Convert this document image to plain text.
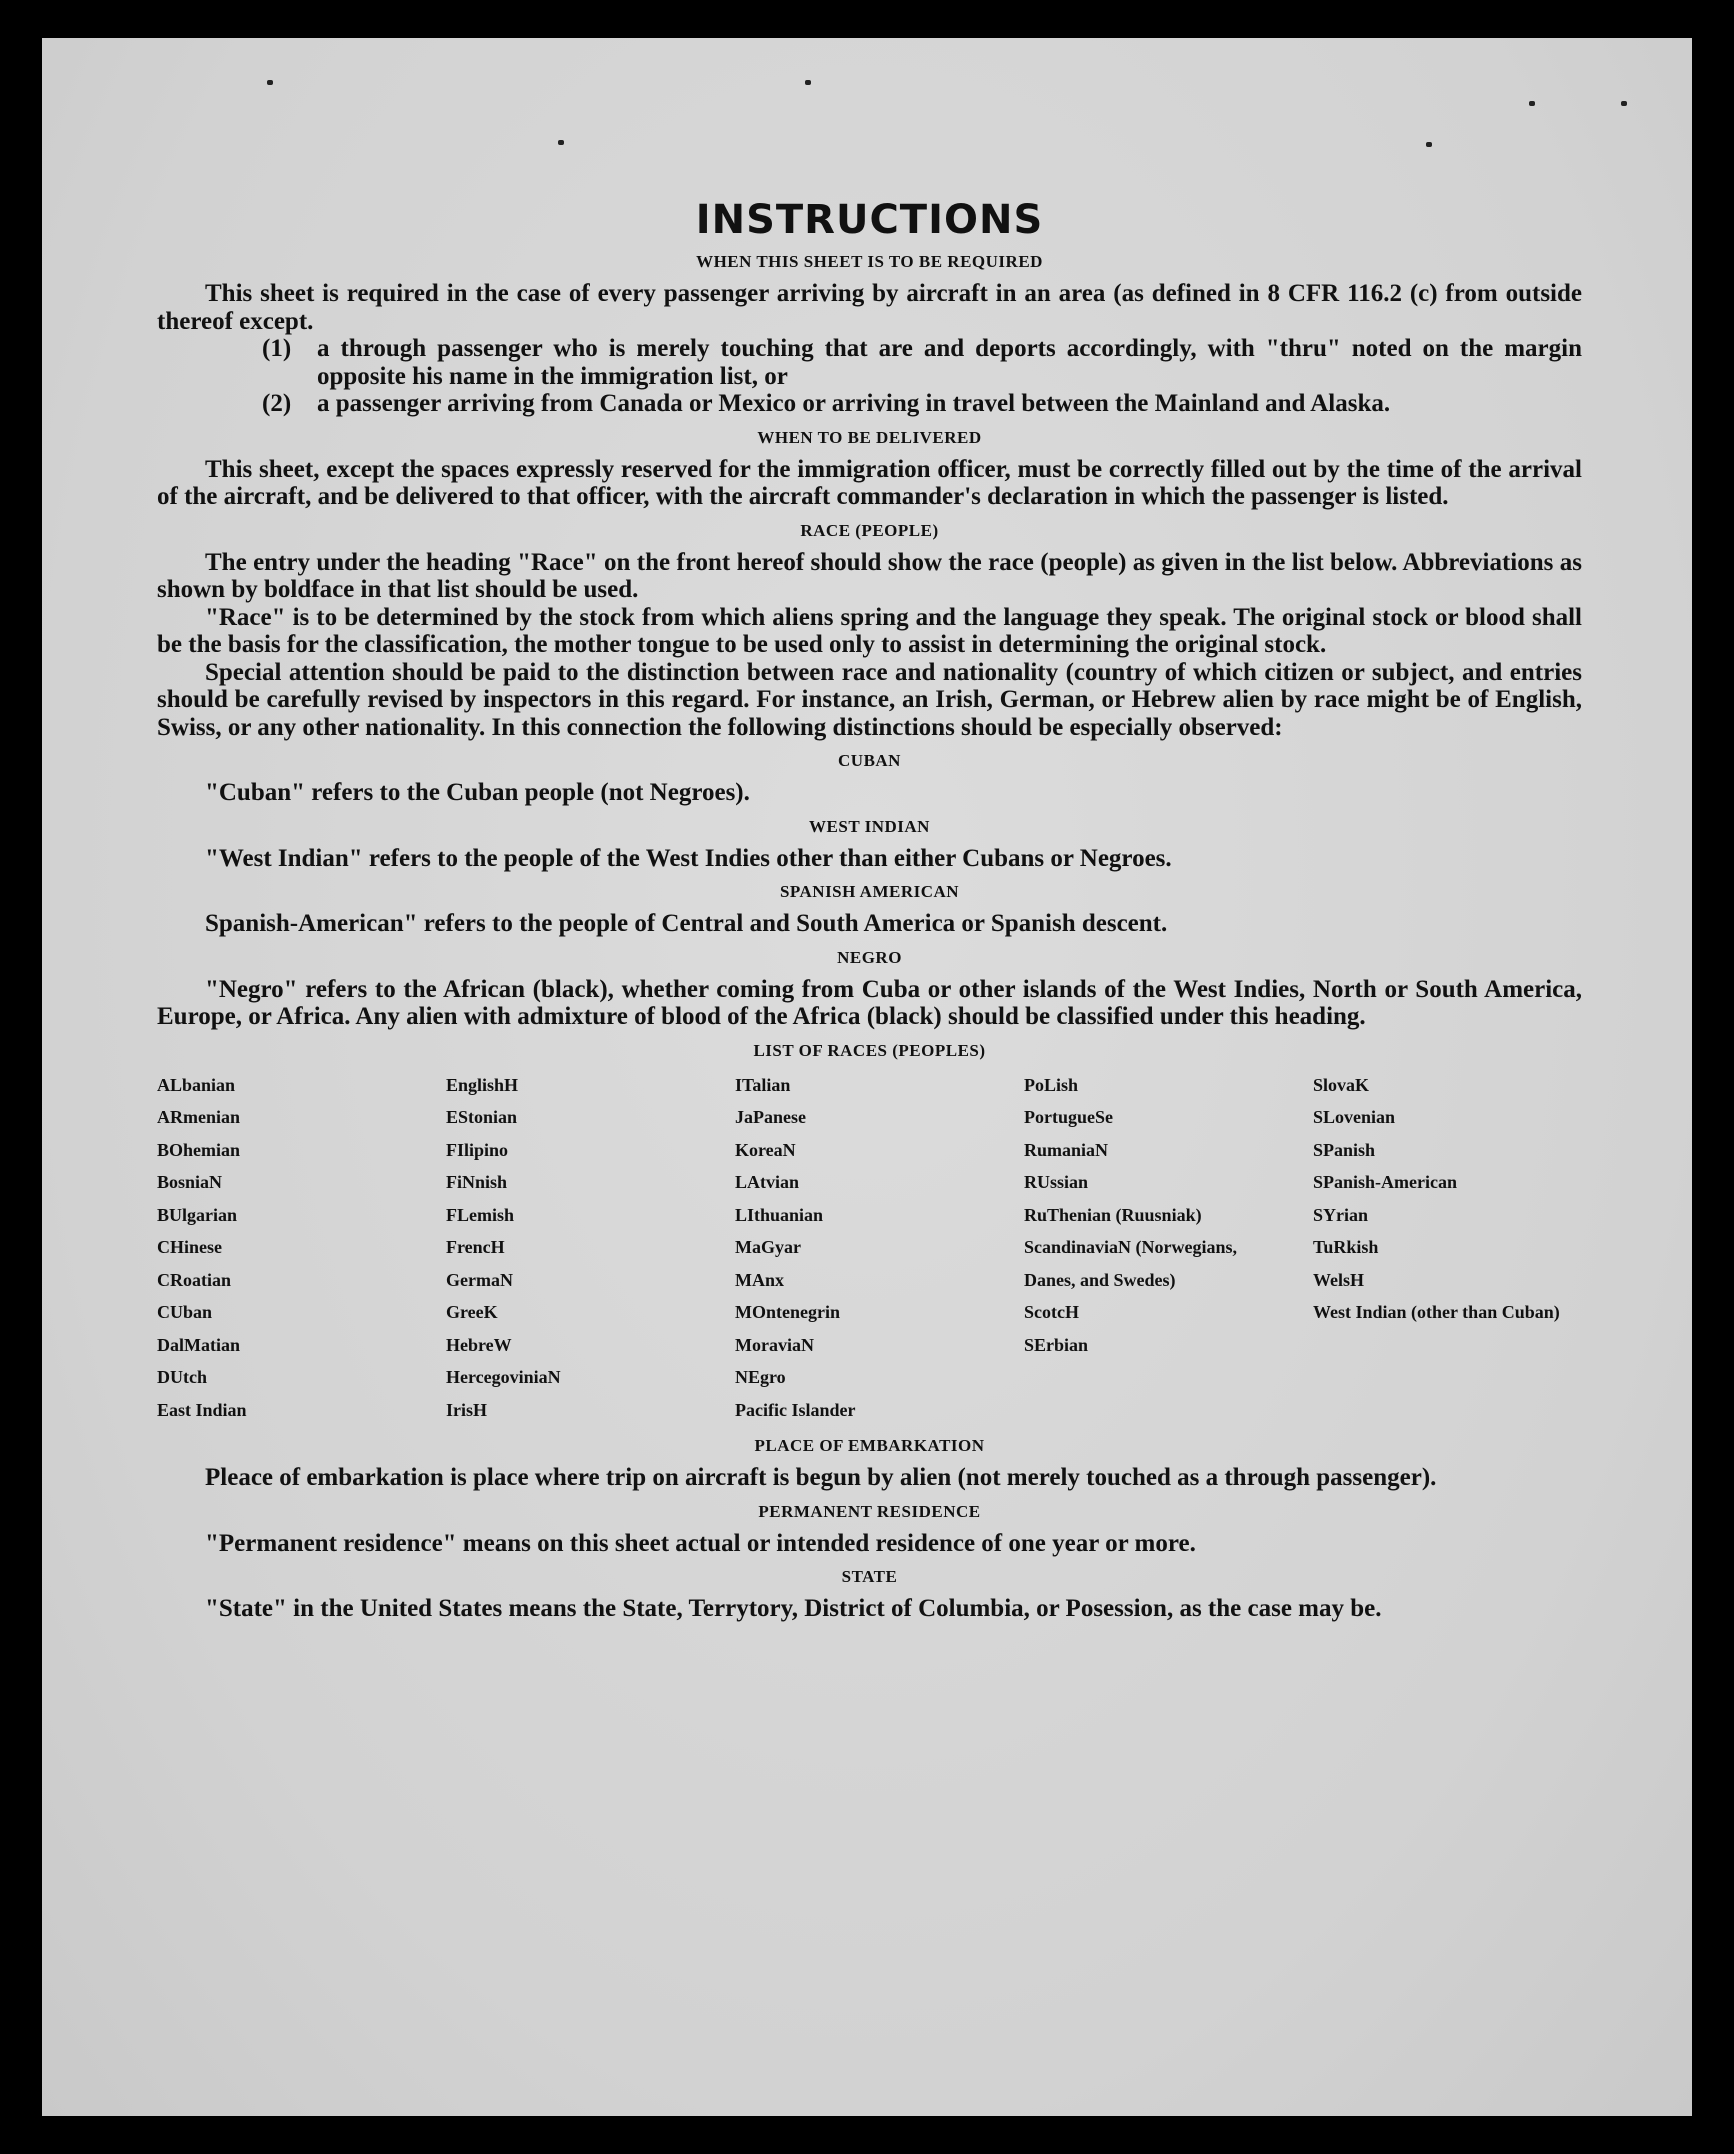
INSTRUCTIONS
WHEN THIS SHEET IS TO BE REQUIRED

This sheet is required in the case of every passenger arriving by aircraft in an area (as defined in 8 CFR 116.2 (c) from outside thereof except.

(1)	a through passenger who is merely touching that are and deports accordingly, with "thru" noted on the margin opposite his name in the immigration list, or
(2)	a passenger arriving from Canada or Mexico or arriving in travel between the Mainland and Alaska.
WHEN TO BE DELIVERED

This sheet, except the spaces expressly reserved for the immigration officer, must be correctly filled out by the time of the arrival of the aircraft, and be delivered to that officer, with the aircraft commander's declaration in which the passenger is listed.

RACE (PEOPLE)

The entry under the heading "Race" on the front hereof should show the race (people) as given in the list below. Abbreviations as shown by boldface in that list should be used.

"Race" is to be determined by the stock from which aliens spring and the language they speak. The original stock or blood shall be the basis for the classification, the mother tongue to be used only to assist in determining the original stock.

Special attention should be paid to the distinction between race and nationality (country of which citizen or subject, and entries should be carefully revised by inspectors in this regard. For instance, an Irish, German, or Hebrew alien by race might be of English, Swiss, or any other nationality. In this connection the following distinctions should be especially observed:

CUBAN

"Cuban" refers to the Cuban people (not Negroes).

WEST INDIAN

"West Indian" refers to the people of the West Indies other than either Cubans or Negroes.

SPANISH AMERICAN

Spanish-American" refers to the people of Central and South America or Spanish descent.

NEGRO

"Negro" refers to the African (black), whether coming from Cuba or other islands of the West Indies, North or South America, Europe, or Africa. Any alien with admixture of blood of the Africa (black) should be classified under this heading.

LIST OF RACES (PEOPLES)
ALbanian
ARmenian
BOhemian
BosniaN
BUlgarian
CHinese
CRoatian
CUban
DalMatian
DUtch
East Indian
EnglishH
EStonian
FIlipino
FiNnish
FLemish
FrencH
GermaN
GreeK
HebreW
HercegoviniaN
IrisH
ITalian
JaPanese
KoreaN
LAtvian
LIthuanian
MaGyar
MAnx
MOntenegrin
MoraviaN
NEgro
Pacific Islander
PoLish
PortugueSe
RumaniaN
RUssian
RuThenian (Ruusniak)
ScandinaviaN (Norwegians, Danes, and Swedes)
ScotcH
SErbian
SlovaK
SLovenian
SPanish
SPanish-American
SYrian
TuRkish
WelsH
West Indian (other than Cuban)
PLACE OF EMBARKATION

Pleace of embarkation is place where trip on aircraft is begun by alien (not merely touched as a through passenger).

PERMANENT RESIDENCE

"Permanent residence" means on this sheet actual or intended residence of one year or more.

STATE

"State" in the United States means the State, Terrytory, District of Columbia, or Posession, as the case may be.
